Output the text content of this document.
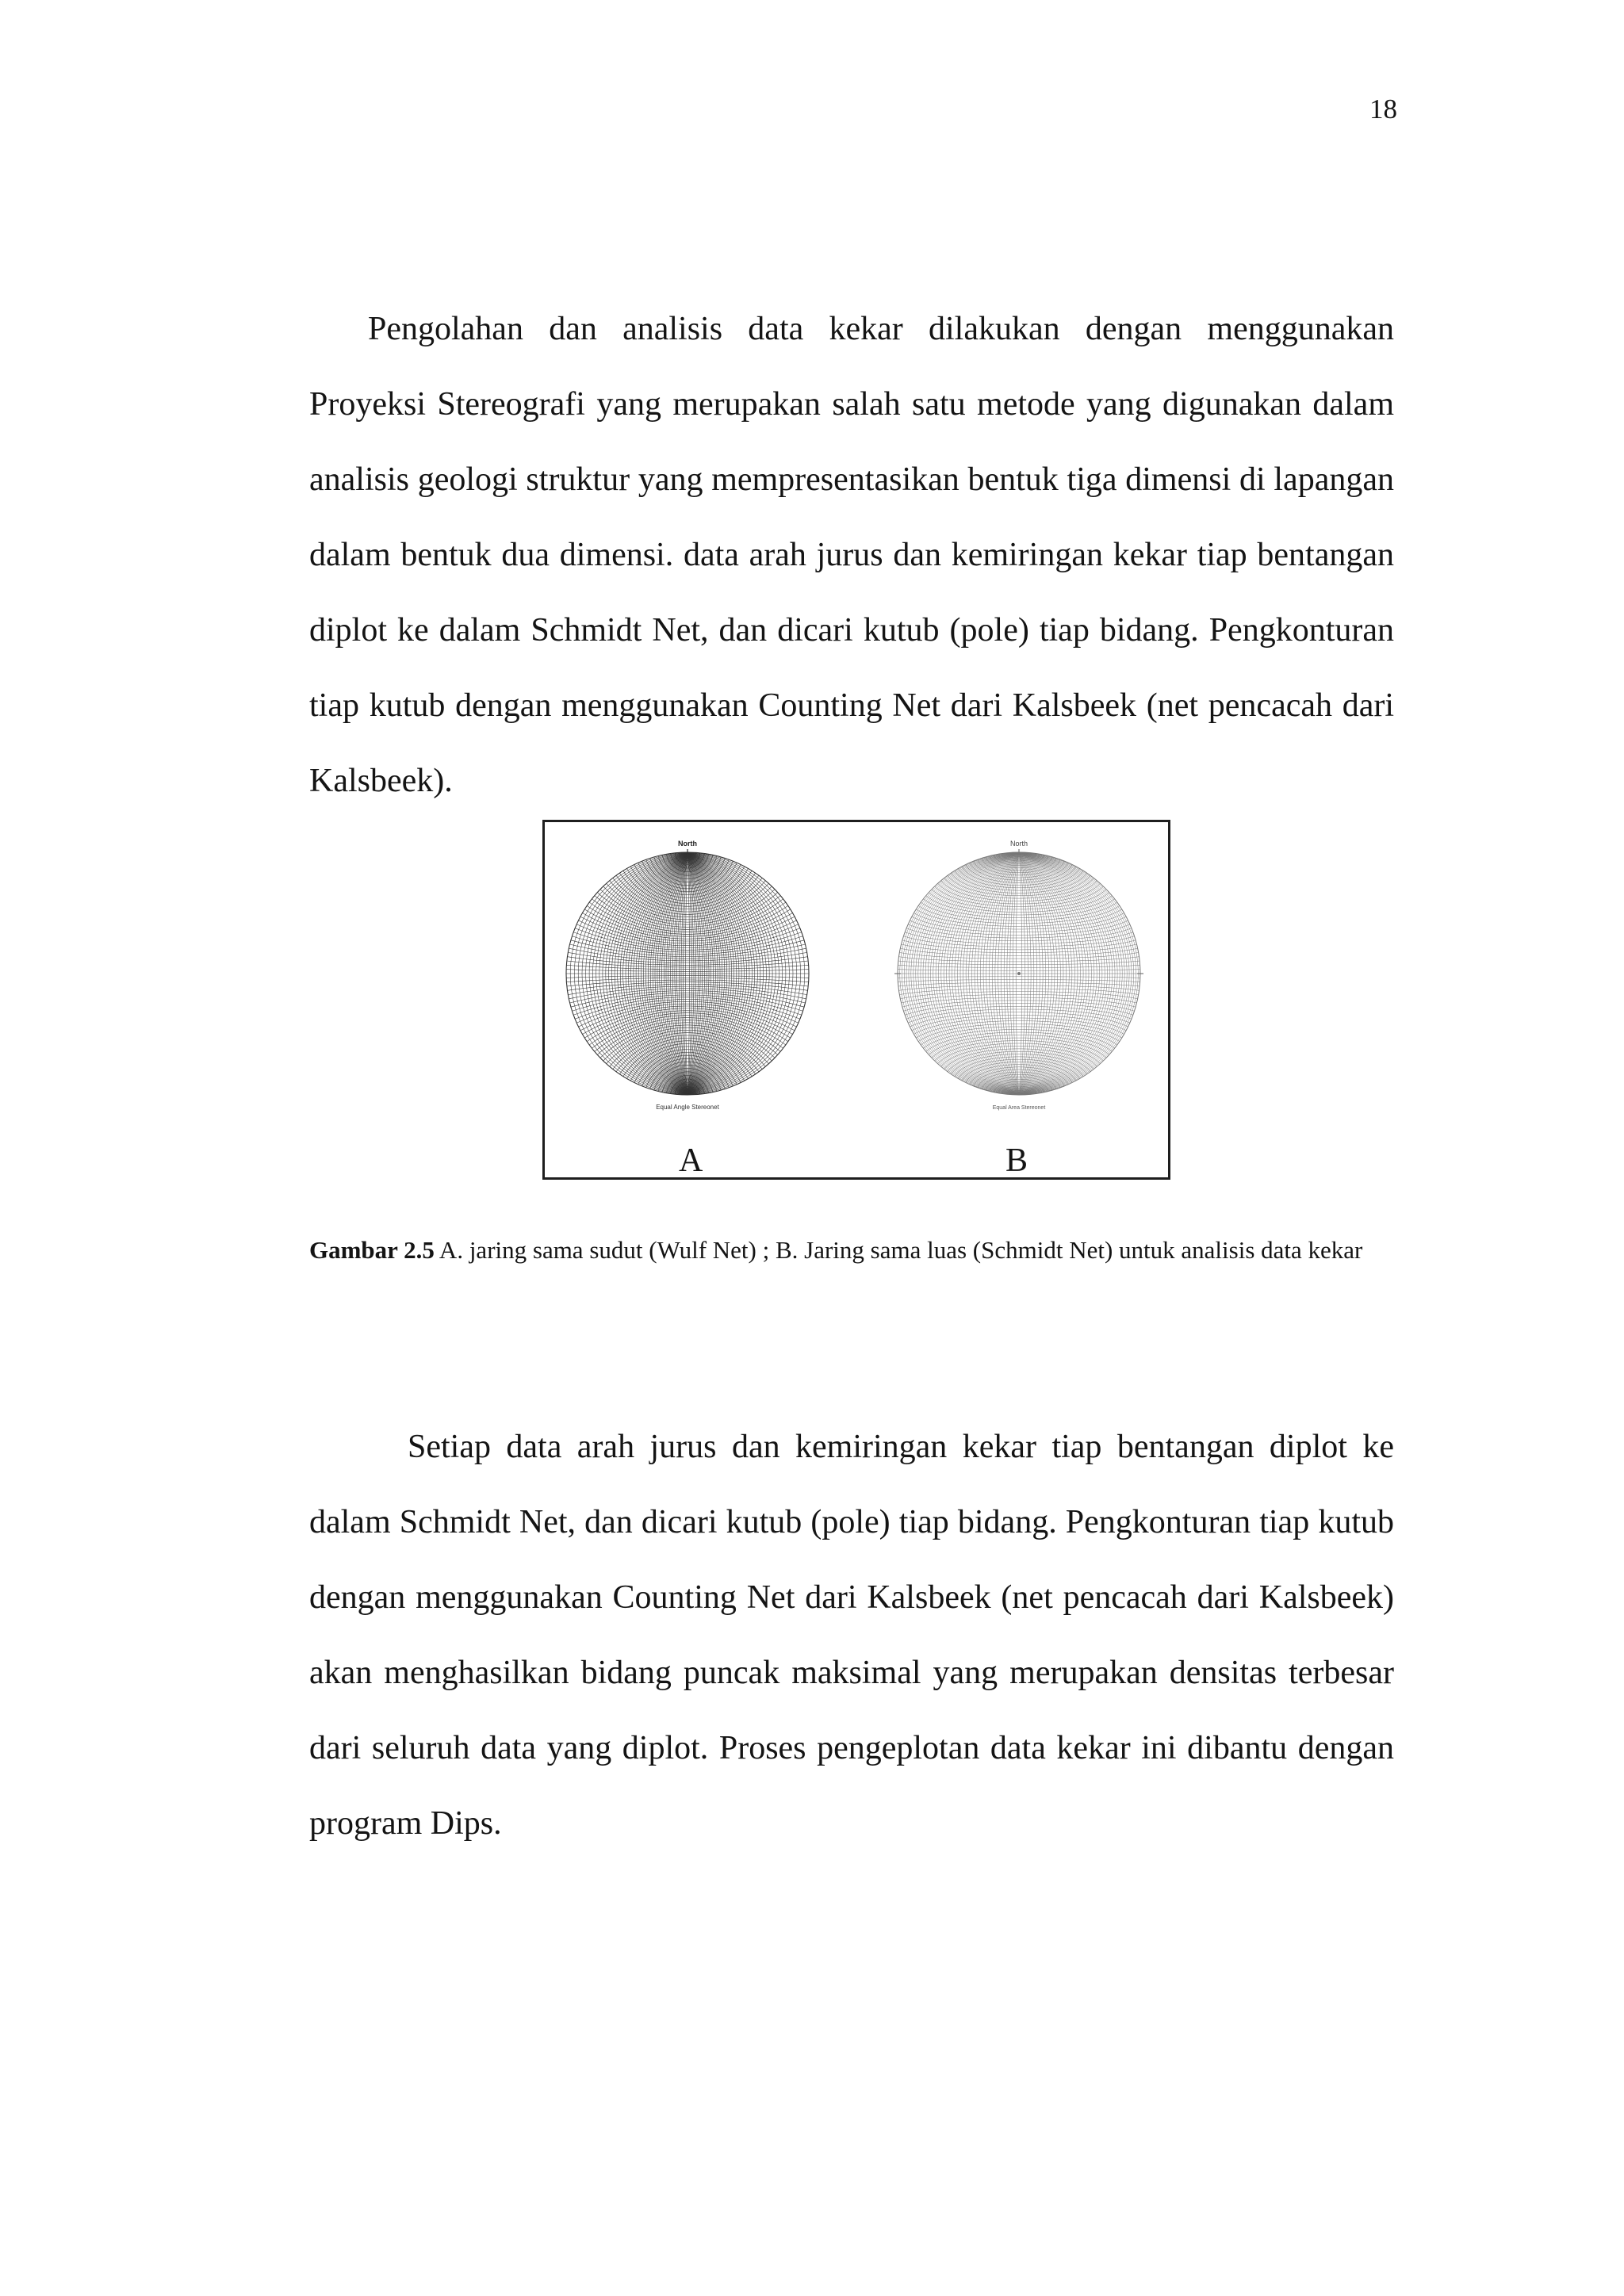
18

Pengolahan dan analisis data kekar dilakukan dengan menggunakan Proyeksi Stereografi yang merupakan salah satu metode yang digunakan dalam analisis geologi struktur yang mempresentasikan bentuk tiga dimensi di lapangan dalam bentuk dua dimensi. data arah jurus dan kemiringan kekar tiap bentangan diplot ke dalam Schmidt Net, dan dicari kutub (pole) tiap bidang. Pengkonturan tiap kutub dengan menggunakan Counting Net dari Kalsbeek (net pencacah dari Kalsbeek).

North	North
Equal Angle Stereonet	Equal Area Stereonet
A	B

Gambar 2.5 A. jaring sama sudut (Wulf Net) ; B. Jaring sama luas (Schmidt Net) untuk analisis data kekar

Setiap data arah jurus dan kemiringan kekar tiap bentangan diplot ke dalam Schmidt Net, dan dicari kutub (pole) tiap bidang. Pengkonturan tiap kutub dengan menggunakan Counting Net dari Kalsbeek (net pencacah dari Kalsbeek) akan menghasilkan bidang puncak maksimal yang merupakan densitas terbesar dari seluruh data yang diplot. Proses pengeplotan data kekar ini dibantu dengan program Dips.
